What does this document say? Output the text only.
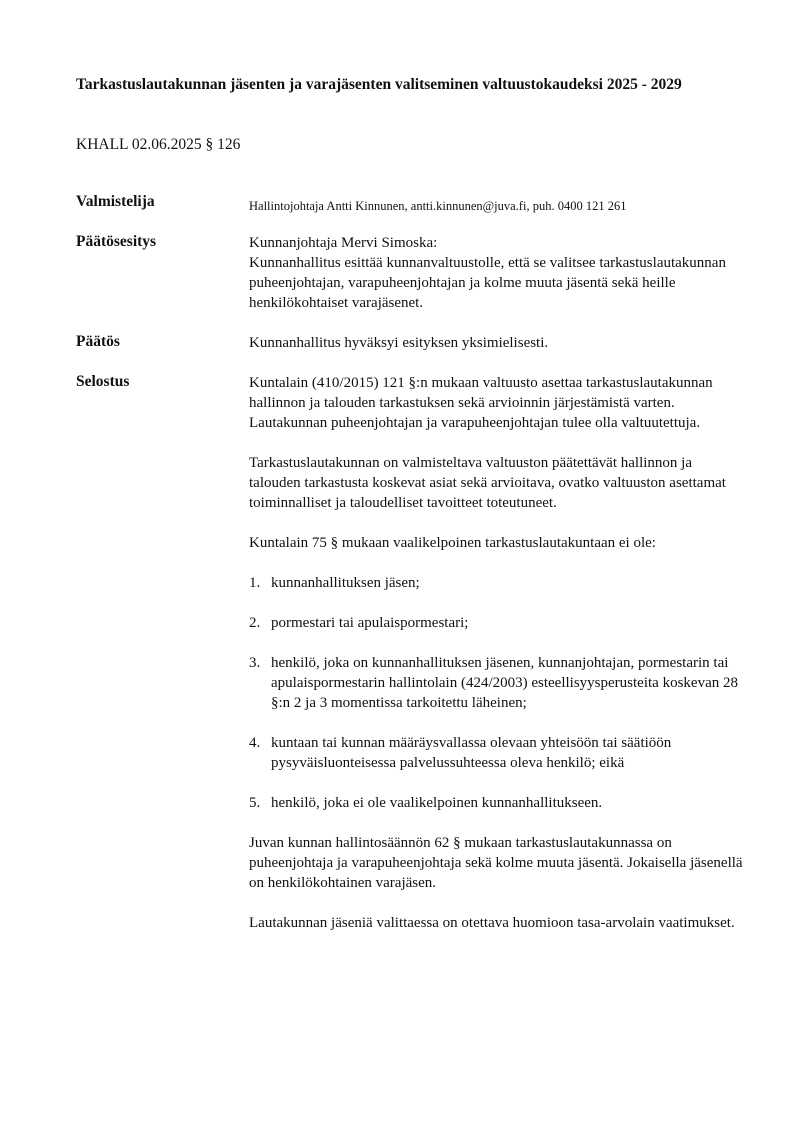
Tarkastuslautakunnan jäsenten ja varajäsenten valitseminen valtuustokaudeksi 2025 - 2029
KHALL 02.06.2025 § 126
Valmistelija	Hallintojohtaja Antti Kinnunen, antti.kinnunen@juva.fi, puh. 0400 121 261
Päätösesitys	Kunnanjohtaja Mervi Simoska:

Kunnanhallitus esittää kunnanvaltuustolle, että se valitsee tarkastuslautakunnan puheenjohtajan, varapuheenjohtajan ja kolme muuta jäsentä sekä heille henkilökohtaiset varajäsenet.

Päätös	Kunnanhallitus hyväksyi esityksen yksimielisesti.
Selostus	Kuntalain (410/2015) 121 §:n mukaan valtuusto asettaa tarkastuslautakunnan hallinnon ja talouden tarkastuksen sekä arvioinnin järjestämistä varten. Lautakunnan puheenjohtajan ja varapuheenjohtajan tulee olla valtuutettuja.

Tarkastuslautakunnan on valmisteltava valtuuston päätettävät hallinnon ja talouden tarkastusta koskevat asiat sekä arvioitava, ovatko valtuuston asettamat toiminnalliset ja taloudelliset tavoitteet toteutuneet.

Kuntalain 75 § mukaan vaalikelpoinen tarkastuslautakuntaan ei ole:

1. kunnanhallituksen jäsen;
2. pormestari tai apulaispormestari;
3. henkilö, joka on kunnanhallituksen jäsenen, kunnanjohtajan, pormestarin tai apulaispormestarin hallintolain (424/2003) esteellisyysperusteita koskevan 28 §:n 2 ja 3 momentissa tarkoitettu läheinen;
4. kuntaan tai kunnan määräysvallassa olevaan yhteisöön tai säätiöön pysyväisluonteisessa palvelussuhteessa oleva henkilö; eikä
5. henkilö, joka ei ole vaalikelpoinen kunnanhallitukseen.

Juvan kunnan hallintosäännön 62 § mukaan tarkastuslautakunnassa on puheenjohtaja ja varapuheenjohtaja sekä kolme muuta jäsentä. Jokaisella jäsenellä on henkilökohtainen varajäsen.

Lautakunnan jäseniä valittaessa on otettava huomioon tasa-arvolain vaatimukset.
